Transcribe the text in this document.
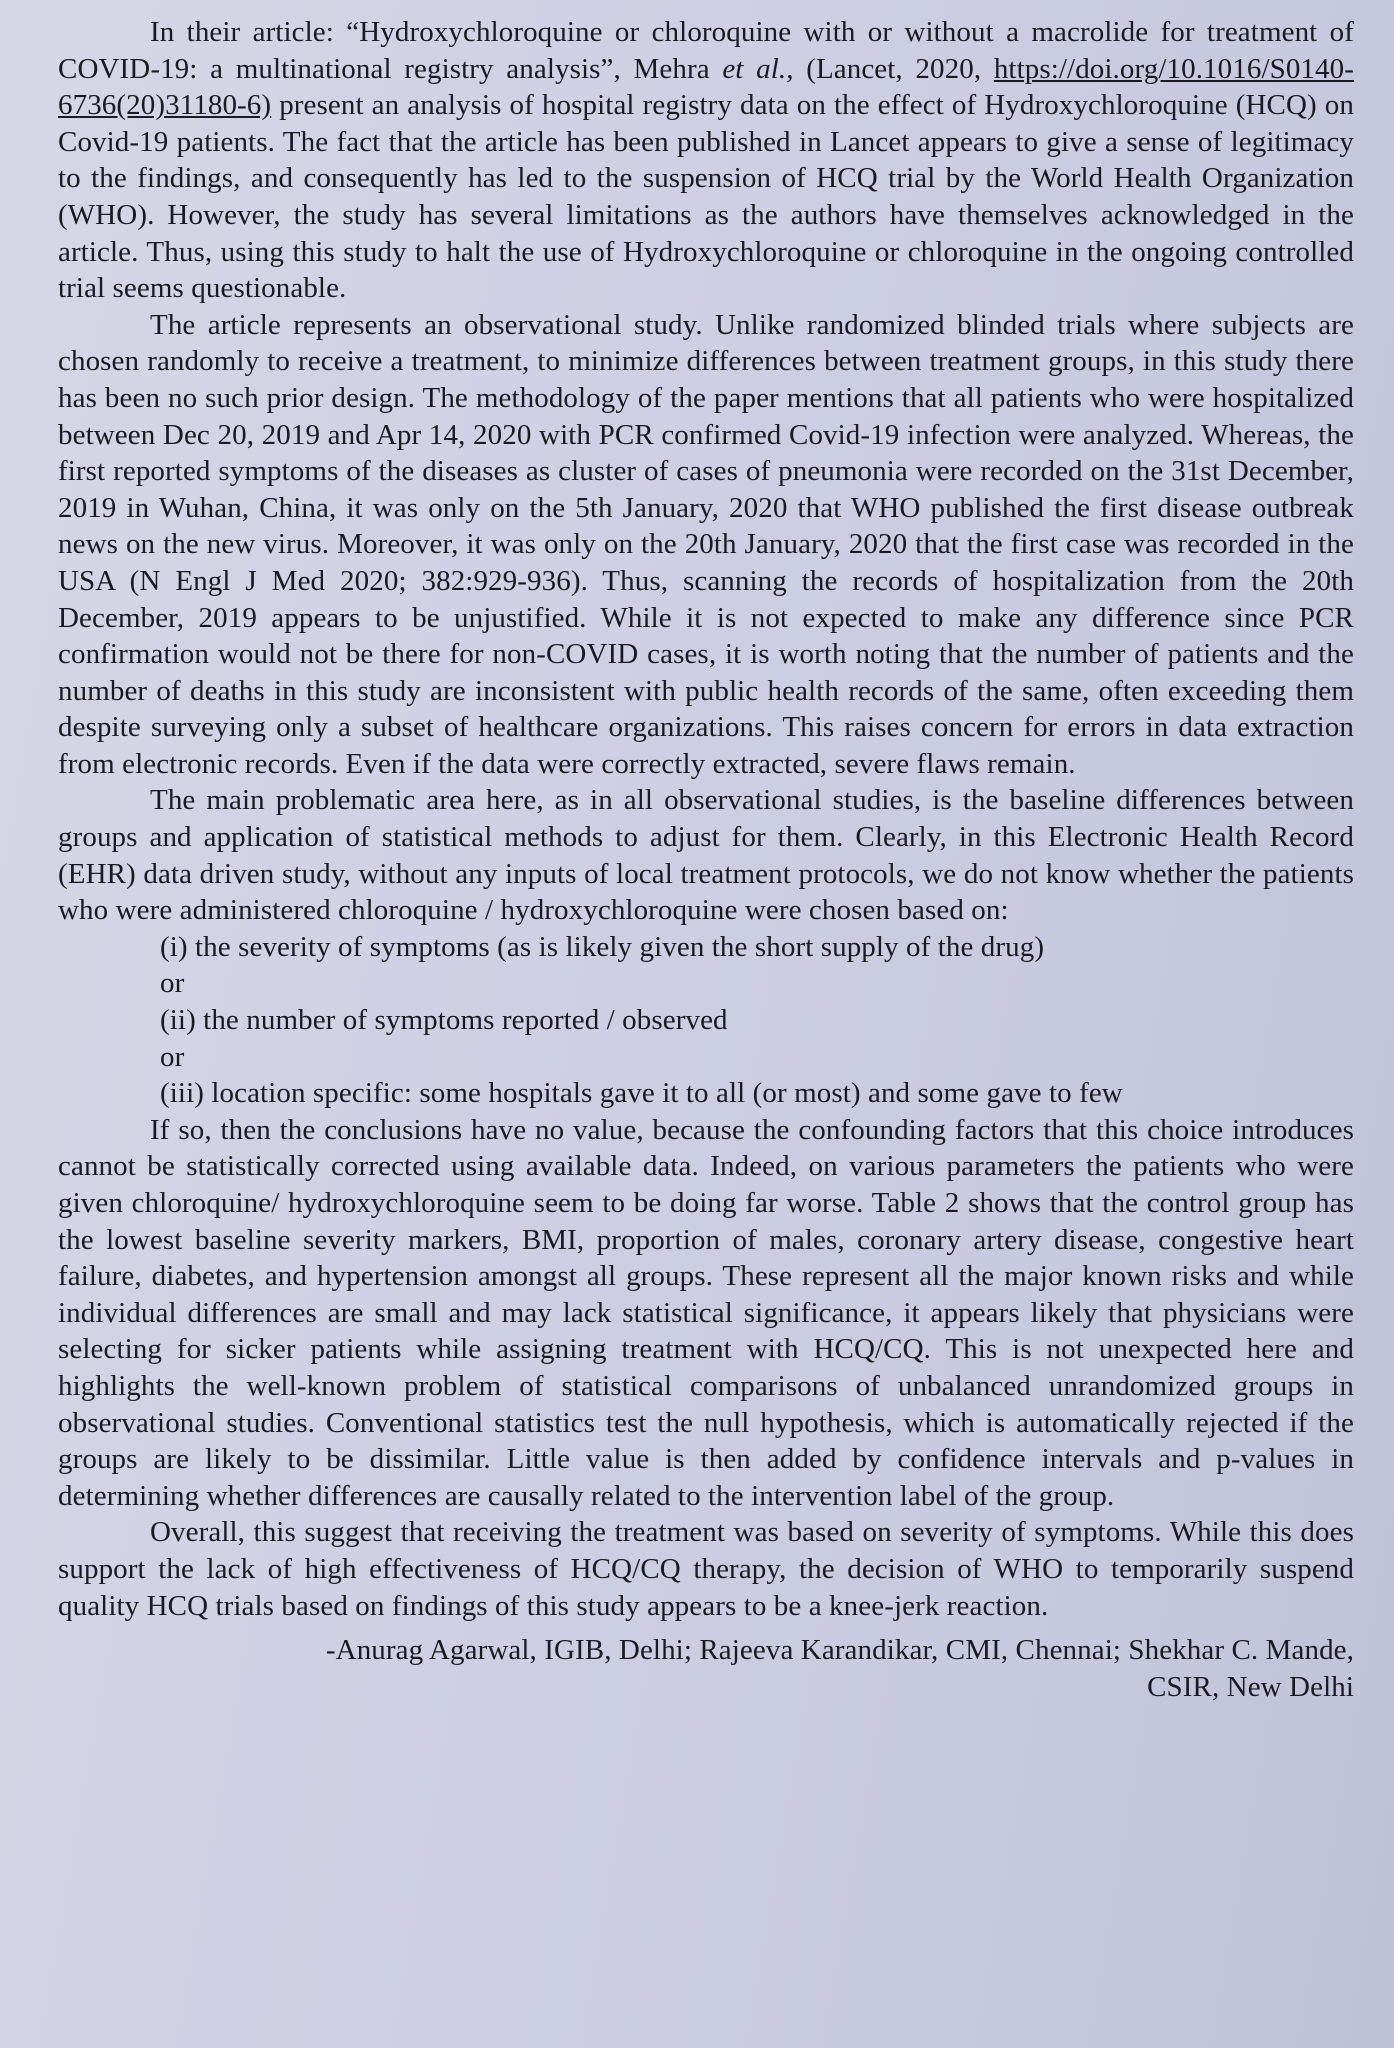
In their article: “Hydroxychloroquine or chloroquine with or without a macrolide for treatment of COVID-19: a multinational registry analysis”, Mehra et al., (Lancet, 2020, https://doi.org/10.1016/S0140-6736(20)31180-6) present an analysis of hospital registry data on the effect of Hydroxychloroquine (HCQ) on Covid-19 patients. The fact that the article has been published in Lancet appears to give a sense of legitimacy to the findings, and consequently has led to the suspension of HCQ trial by the World Health Organization (WHO). However, the study has several limitations as the authors have themselves acknowledged in the article. Thus, using this study to halt the use of Hydroxychloroquine or chloroquine in the ongoing controlled trial seems questionable.

The article represents an observational study. Unlike randomized blinded trials where subjects are chosen randomly to receive a treatment, to minimize differences between treatment groups, in this study there has been no such prior design. The methodology of the paper mentions that all patients who were hospitalized between Dec 20, 2019 and Apr 14, 2020 with PCR confirmed Covid-19 infection were analyzed. Whereas, the first reported symptoms of the diseases as cluster of cases of pneumonia were recorded on the 31st December, 2019 in Wuhan, China, it was only on the 5th January, 2020 that WHO published the first disease outbreak news on the new virus. Moreover, it was only on the 20th January, 2020 that the first case was recorded in the USA (N Engl J Med 2020; 382:929-936). Thus, scanning the records of hospitalization from the 20th December, 2019 appears to be unjustified. While it is not expected to make any difference since PCR confirmation would not be there for non-COVID cases, it is worth noting that the number of patients and the number of deaths in this study are inconsistent with public health records of the same, often exceeding them despite surveying only a subset of healthcare organizations. This raises concern for errors in data extraction from electronic records. Even if the data were correctly extracted, severe flaws remain.

The main problematic area here, as in all observational studies, is the baseline differences between groups and application of statistical methods to adjust for them. Clearly, in this Electronic Health Record (EHR) data driven study, without any inputs of local treatment protocols, we do not know whether the patients who were administered chloroquine / hydroxychloroquine were chosen based on:

(i) the severity of symptoms (as is likely given the short supply of the drug)
or
(ii) the number of symptoms reported / observed
or
(iii) location specific: some hospitals gave it to all (or most) and some gave to few

If so, then the conclusions have no value, because the confounding factors that this choice introduces cannot be statistically corrected using available data. Indeed, on various parameters the patients who were given chloroquine/ hydroxychloroquine seem to be doing far worse. Table 2 shows that the control group has the lowest baseline severity markers, BMI, proportion of males, coronary artery disease, congestive heart failure, diabetes, and hypertension amongst all groups. These represent all the major known risks and while individual differences are small and may lack statistical significance, it appears likely that physicians were selecting for sicker patients while assigning treatment with HCQ/CQ. This is not unexpected here and highlights the well-known problem of statistical comparisons of unbalanced unrandomized groups in observational studies. Conventional statistics test the null hypothesis, which is automatically rejected if the groups are likely to be dissimilar. Little value is then added by confidence intervals and p-values in determining whether differences are causally related to the intervention label of the group.

Overall, this suggest that receiving the treatment was based on severity of symptoms. While this does support the lack of high effectiveness of HCQ/CQ therapy, the decision of WHO to temporarily suspend quality HCQ trials based on findings of this study appears to be a knee-jerk reaction.

-Anurag Agarwal, IGIB, Delhi; Rajeeva Karandikar, CMI, Chennai; Shekhar C. Mande,
CSIR, New Delhi
